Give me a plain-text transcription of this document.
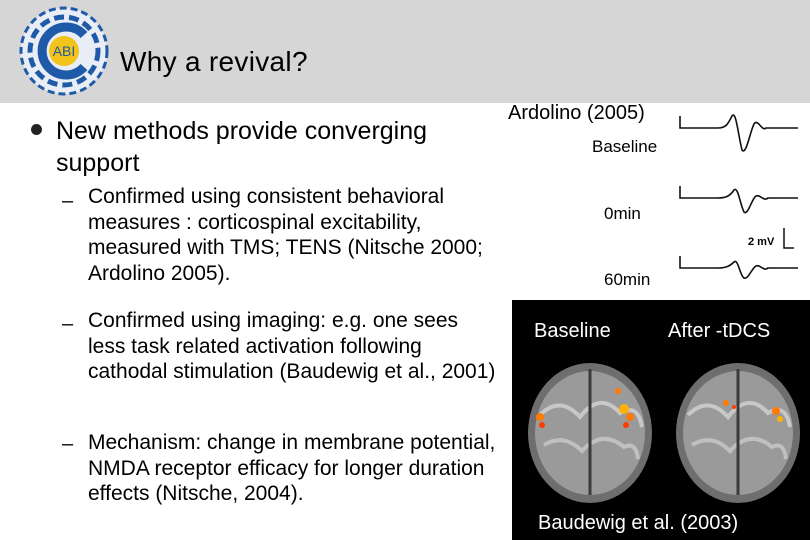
ABI Why a revival?
New methods provide converging support
– Confirmed using consistent behavioral measures : corticospinal excitability, measured with TMS; TENS (Nitsche 2000; Ardolino 2005).
– Confirmed using imaging: e.g. one sees less task related activation following cathodal stimulation (Baudewig et al., 2001)
– Mechanism: change in membrane potential, NMDA receptor efficacy for longer duration effects (Nitsche, 2004).
Ardolino (2005)
Baseline
0min
60min
2 mV
Baseline	After -tDCS
Baudewig et al. (2003)
